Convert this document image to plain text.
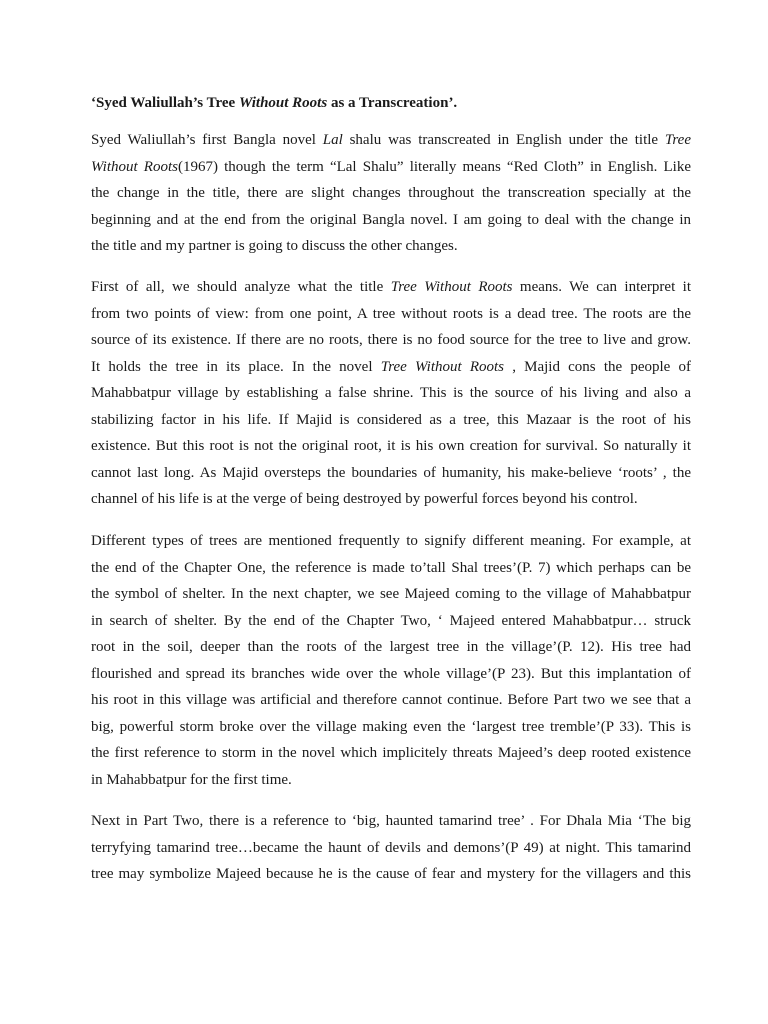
‘Syed Waliullah’s Tree Without Roots as a Transcreation’.
Syed Waliullah’s first Bangla novel Lal shalu was transcreated in English under the title Tree
Without Roots(1967) though the term “Lal Shalu” literally means “Red Cloth” in English. Like
the change in the title, there are slight changes throughout the transcreation specially at the
beginning and at the end from the original Bangla novel. I am going to deal with the change in
the title and my partner is going to discuss the other changes.
First of all, we should analyze what the title Tree Without Roots means. We can interpret it
from two points of view: from one point, A tree without roots is a dead tree. The roots are the
source of its existence. If there are no roots, there is no food source for the tree to live and grow.
It holds the tree in its place. In the novel Tree Without Roots , Majid cons the people of
Mahabbatpur village by establishing a false shrine. This is the source of his living and also a
stabilizing factor in his life. If Majid is considered as a tree, this Mazaar is the root of his
existence. But this root is not the original root, it is his own creation for survival. So naturally it
cannot last long. As Majid oversteps the boundaries of humanity, his make-believe ‘roots’ , the
channel of his life is at the verge of being destroyed by powerful forces beyond his control.
Different types of trees are mentioned frequently to signify different meaning. For example, at
the end of the Chapter One, the reference is made to’tall Shal trees’(P. 7) which perhaps can be
the symbol of shelter. In the next chapter, we see Majeed coming to the village of Mahabbatpur
in search of shelter. By the end of the Chapter Two, ‘ Majeed entered Mahabbatpur… struck
root in the soil, deeper than the roots of the largest tree in the village’(P. 12). His tree had
flourished and spread its branches wide over the whole village’(P 23). But this implantation of
his root in this village was artificial and therefore cannot continue. Before Part two we see that a
big, powerful storm broke over the village making even the ‘largest tree tremble’(P 33). This is
the first reference to storm in the novel which implicitely threats Majeed’s deep rooted existence
in Mahabbatpur for the first time.
Next in Part Two, there is a reference to ‘big, haunted tamarind tree’ . For Dhala Mia ‘The big
terryfying tamarind tree…became the haunt of devils and demons’(P 49) at night. This tamarind
tree may symbolize Majeed because he is the cause of fear and mystery for the villagers and this
